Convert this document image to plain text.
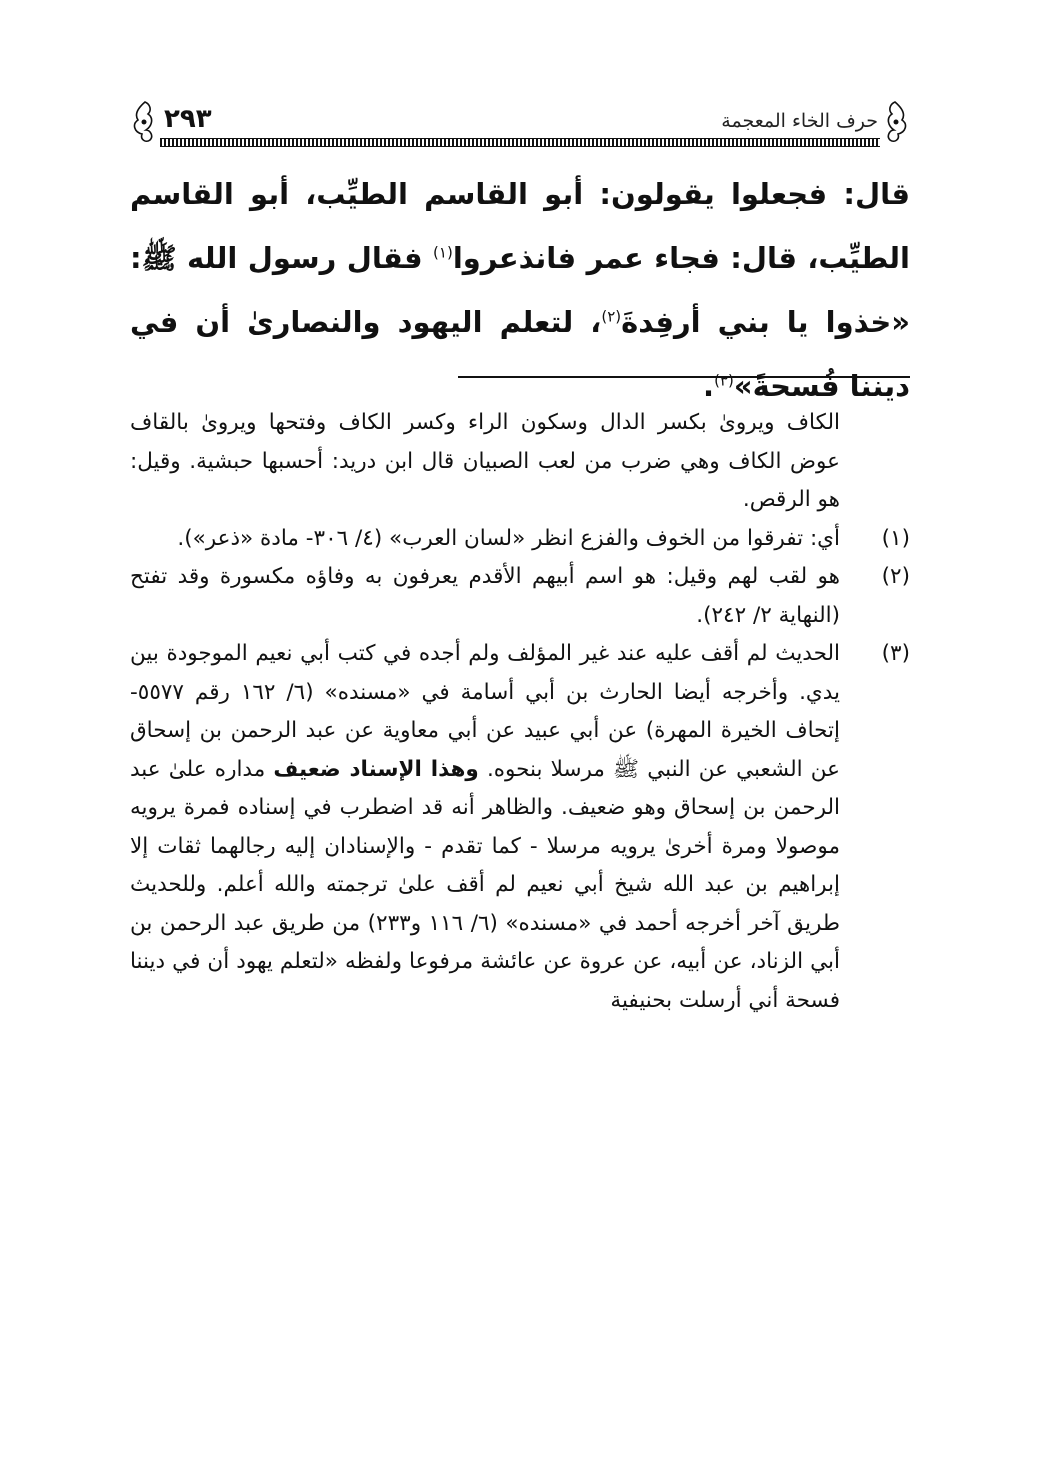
حرف الخاء المعجمة
٢٩٣

قال: فجعلوا يقولون: أبو القاسم الطيِّب، أبو القاسم الطيِّب، قال: فجاء عمر فانذعروا$^{(١)}$ فقال رسول الله ﷺ: «خذوا يا بني أرفِدةَ$^{(٢)}$، لتعلم اليهود والنصارىٰ أن في ديننا فُسحةً»$^{(٣)}$.

الكاف ويروىٰ بكسر الدال وسكون الراء وكسر الكاف وفتحها ويروىٰ بالقاف عوض الكاف وهي ضرب من لعب الصبيان قال ابن دريد: أحسبها حبشية. وقيل: هو الرقص.

(١)

أي: تفرقوا من الخوف والفزع انظر «لسان العرب» (٤/ ٣٠٦- مادة «ذعر»).

(٢)

هو لقب لهم وقيل: هو اسم أبيهم الأقدم يعرفون به وفاؤه مكسورة وقد تفتح (النهاية ٢/ ٢٤٢).

(٣)

الحديث لم أقف عليه عند غير المؤلف ولم أجده في كتب أبي نعيم الموجودة بين يدي. وأخرجه أيضا الحارث بن أبي أسامة في «مسنده» (٦/ ١٦٢ رقم ٥٥٧٧- إتحاف الخيرة المهرة) عن أبي عبيد عن أبي معاوية عن عبد الرحمن بن إسحاق عن الشعبي عن النبي ﷺ مرسلا بنحوه. وهذا الإسناد ضعيف مداره علىٰ عبد الرحمن بن إسحاق وهو ضعيف. والظاهر أنه قد اضطرب في إسناده فمرة يرويه موصولا ومرة أخرىٰ يرويه مرسلا - كما تقدم - والإسنادان إليه رجالهما ثقات إلا إبراهيم بن عبد الله شيخ أبي نعيم لم أقف علىٰ ترجمته والله أعلم. وللحديث طريق آخر أخرجه أحمد في «مسنده» (٦/ ١١٦ و٢٣٣) من طريق عبد الرحمن بن أبي الزناد، عن أبيه، عن عروة عن عائشة مرفوعا ولفظه «لتعلم يهود أن في ديننا فسحة أني أرسلت بحنيفية
